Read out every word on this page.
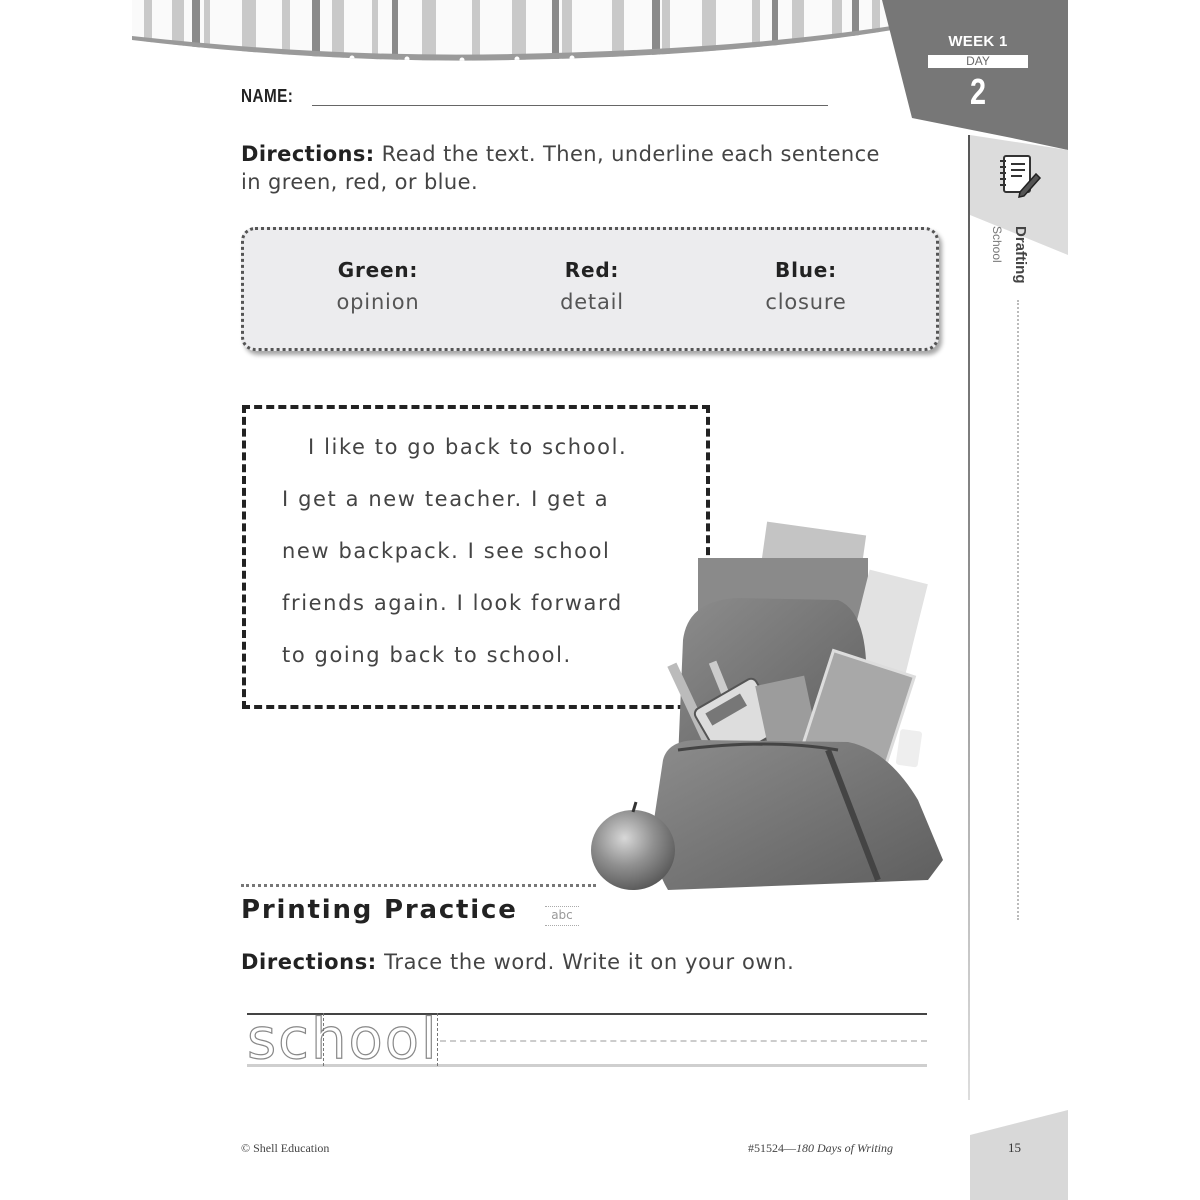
WEEK 1
DAY
2
Drafting
School
NAME:
Directions: Read the text. Then, underline each sentence in green, red, or blue.
Green:
opinion
Red:
detail
Blue:
closure
I like to go back to school.
I get a new teacher. I get a
new backpack. I see school
friends again. I look forward
to going back to school.
Printing Practice	abc
Directions: Trace the word. Write it on your own.
school
© Shell Education	#51524—180 Days of Writing	15
